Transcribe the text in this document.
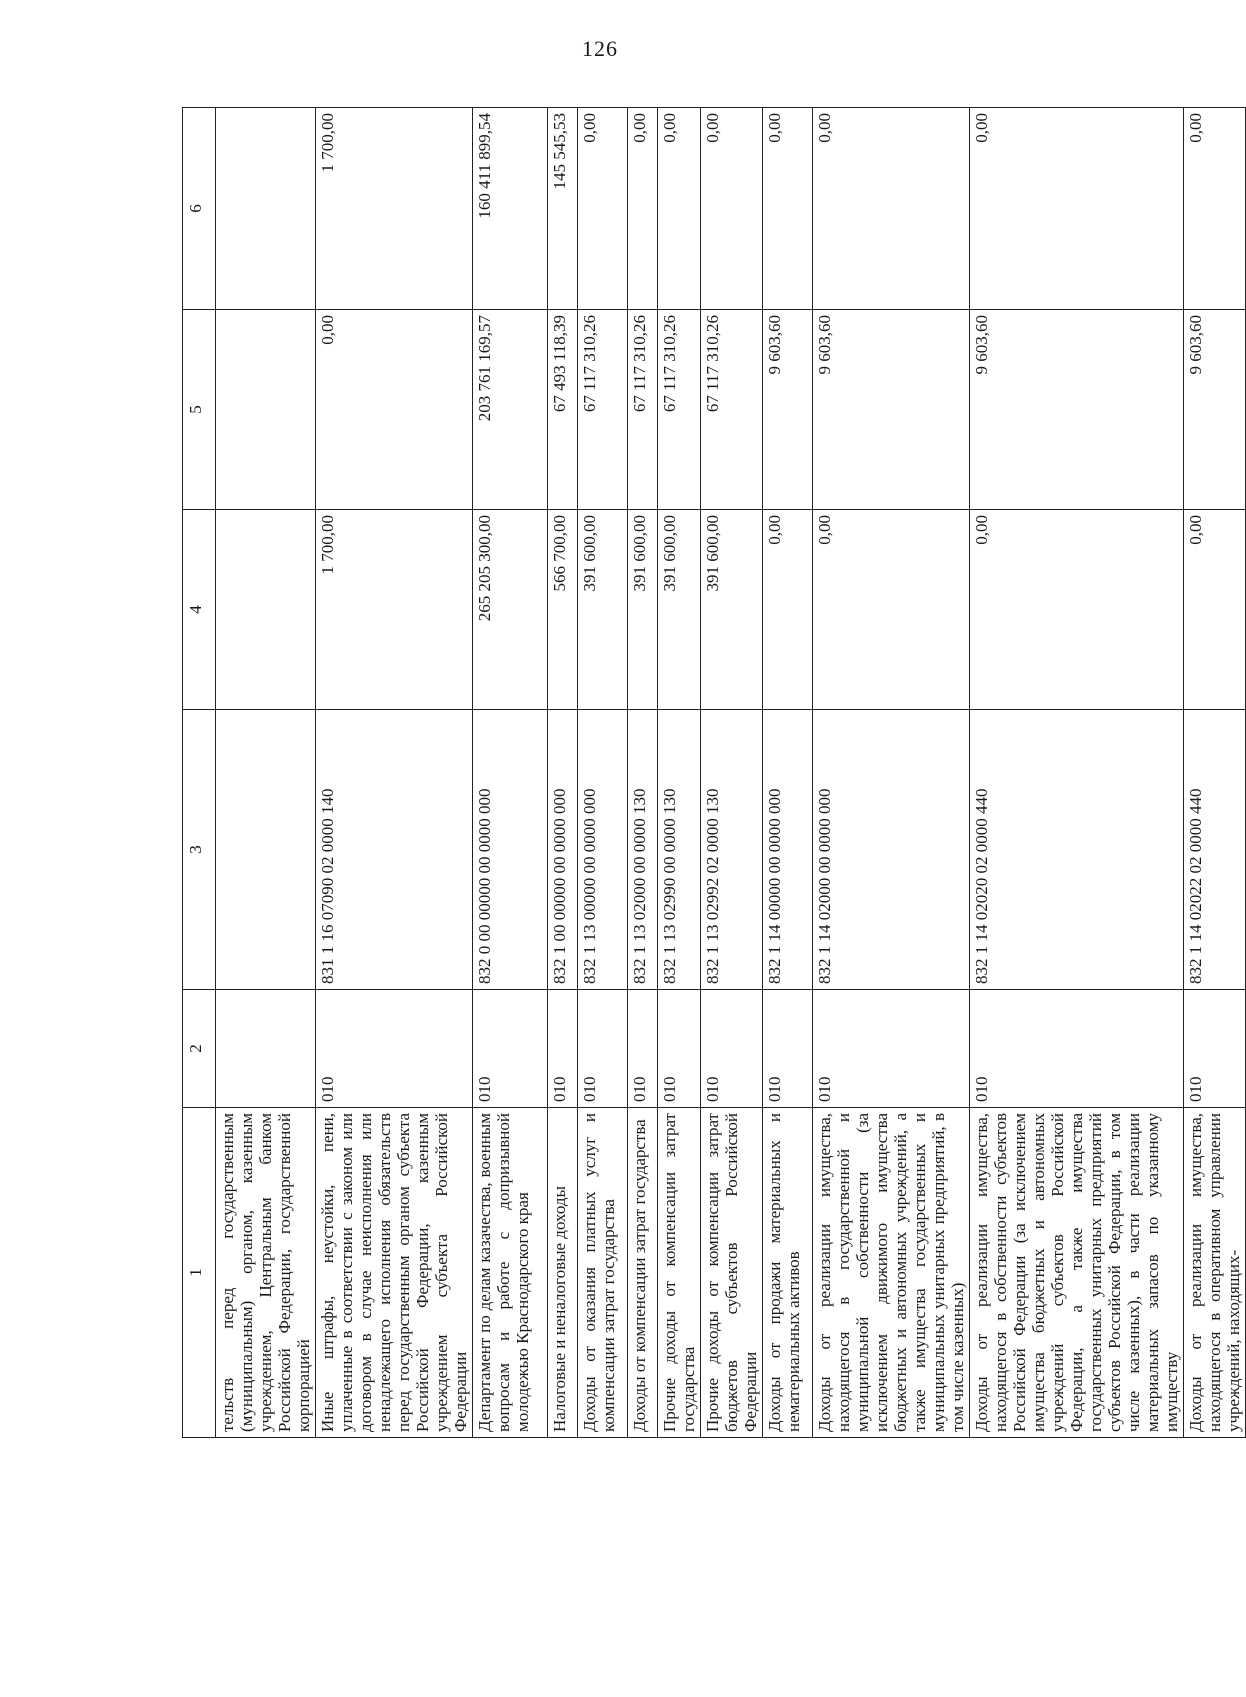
126
1	2	3	4	5	6
тельств перед государственным (муниципальным) органом, казенным учреждением, Центральным банком Российской Федерации, государственной корпорацией					
Иные штрафы, неустойки, пени, уплаченные в соответствии с законом или договором в случае неисполнения или ненадлежащего исполнения обязательств перед государственным органом субъекта Российской Федерации, казенным учреждением субъекта Российской Федерации	010	831 1 16 07090 02 0000 140	1 700,00	0,00	1 700,00
Департамент по делам казачества, военным вопросам и работе с допризывной молодежью Краснодарского края	010	832 0 00 00000 00 0000 000	265 205 300,00	203 761 169,57	160 411 899,54
Налоговые и неналоговые доходы	010	832 1 00 00000 00 0000 000	566 700,00	67 493 118,39	145 545,53
Доходы от оказания платных услуг и компенсации затрат государства	010	832 1 13 00000 00 0000 000	391 600,00	67 117 310,26	0,00
Доходы от компенсации затрат государства	010	832 1 13 02000 00 0000 130	391 600,00	67 117 310,26	0,00
Прочие доходы от компенсации затрат государства	010	832 1 13 02990 00 0000 130	391 600,00	67 117 310,26	0,00
Прочие доходы от компенсации затрат бюджетов субъектов Российской Федерации	010	832 1 13 02992 02 0000 130	391 600,00	67 117 310,26	0,00
Доходы от продажи материальных и нематериальных активов	010	832 1 14 00000 00 0000 000	0,00	9 603,60	0,00
Доходы от реализации имущества, находящегося в государственной и муниципальной собственности (за исключением движимого имущества бюджетных и автономных учреждений, а также имущества государственных и муниципальных унитарных предприятий, в том числе казенных)	010	832 1 14 02000 00 0000 000	0,00	9 603,60	0,00
Доходы от реализации имущества, находящегося в собственности субъектов Российской Федерации (за исключением имущества бюджетных и автономных учреждений субъектов Российской Федерации, а также имущества государственных унитарных предприятий субъектов Российской Федерации, в том числе казенных), в части реализации материальных запасов по указанному имуществу	010	832 1 14 02020 02 0000 440	0,00	9 603,60	0,00
Доходы от реализации имущества, находящегося в оперативном управлении учреждений, находящих-	010	832 1 14 02022 02 0000 440	0,00	9 603,60	0,00
